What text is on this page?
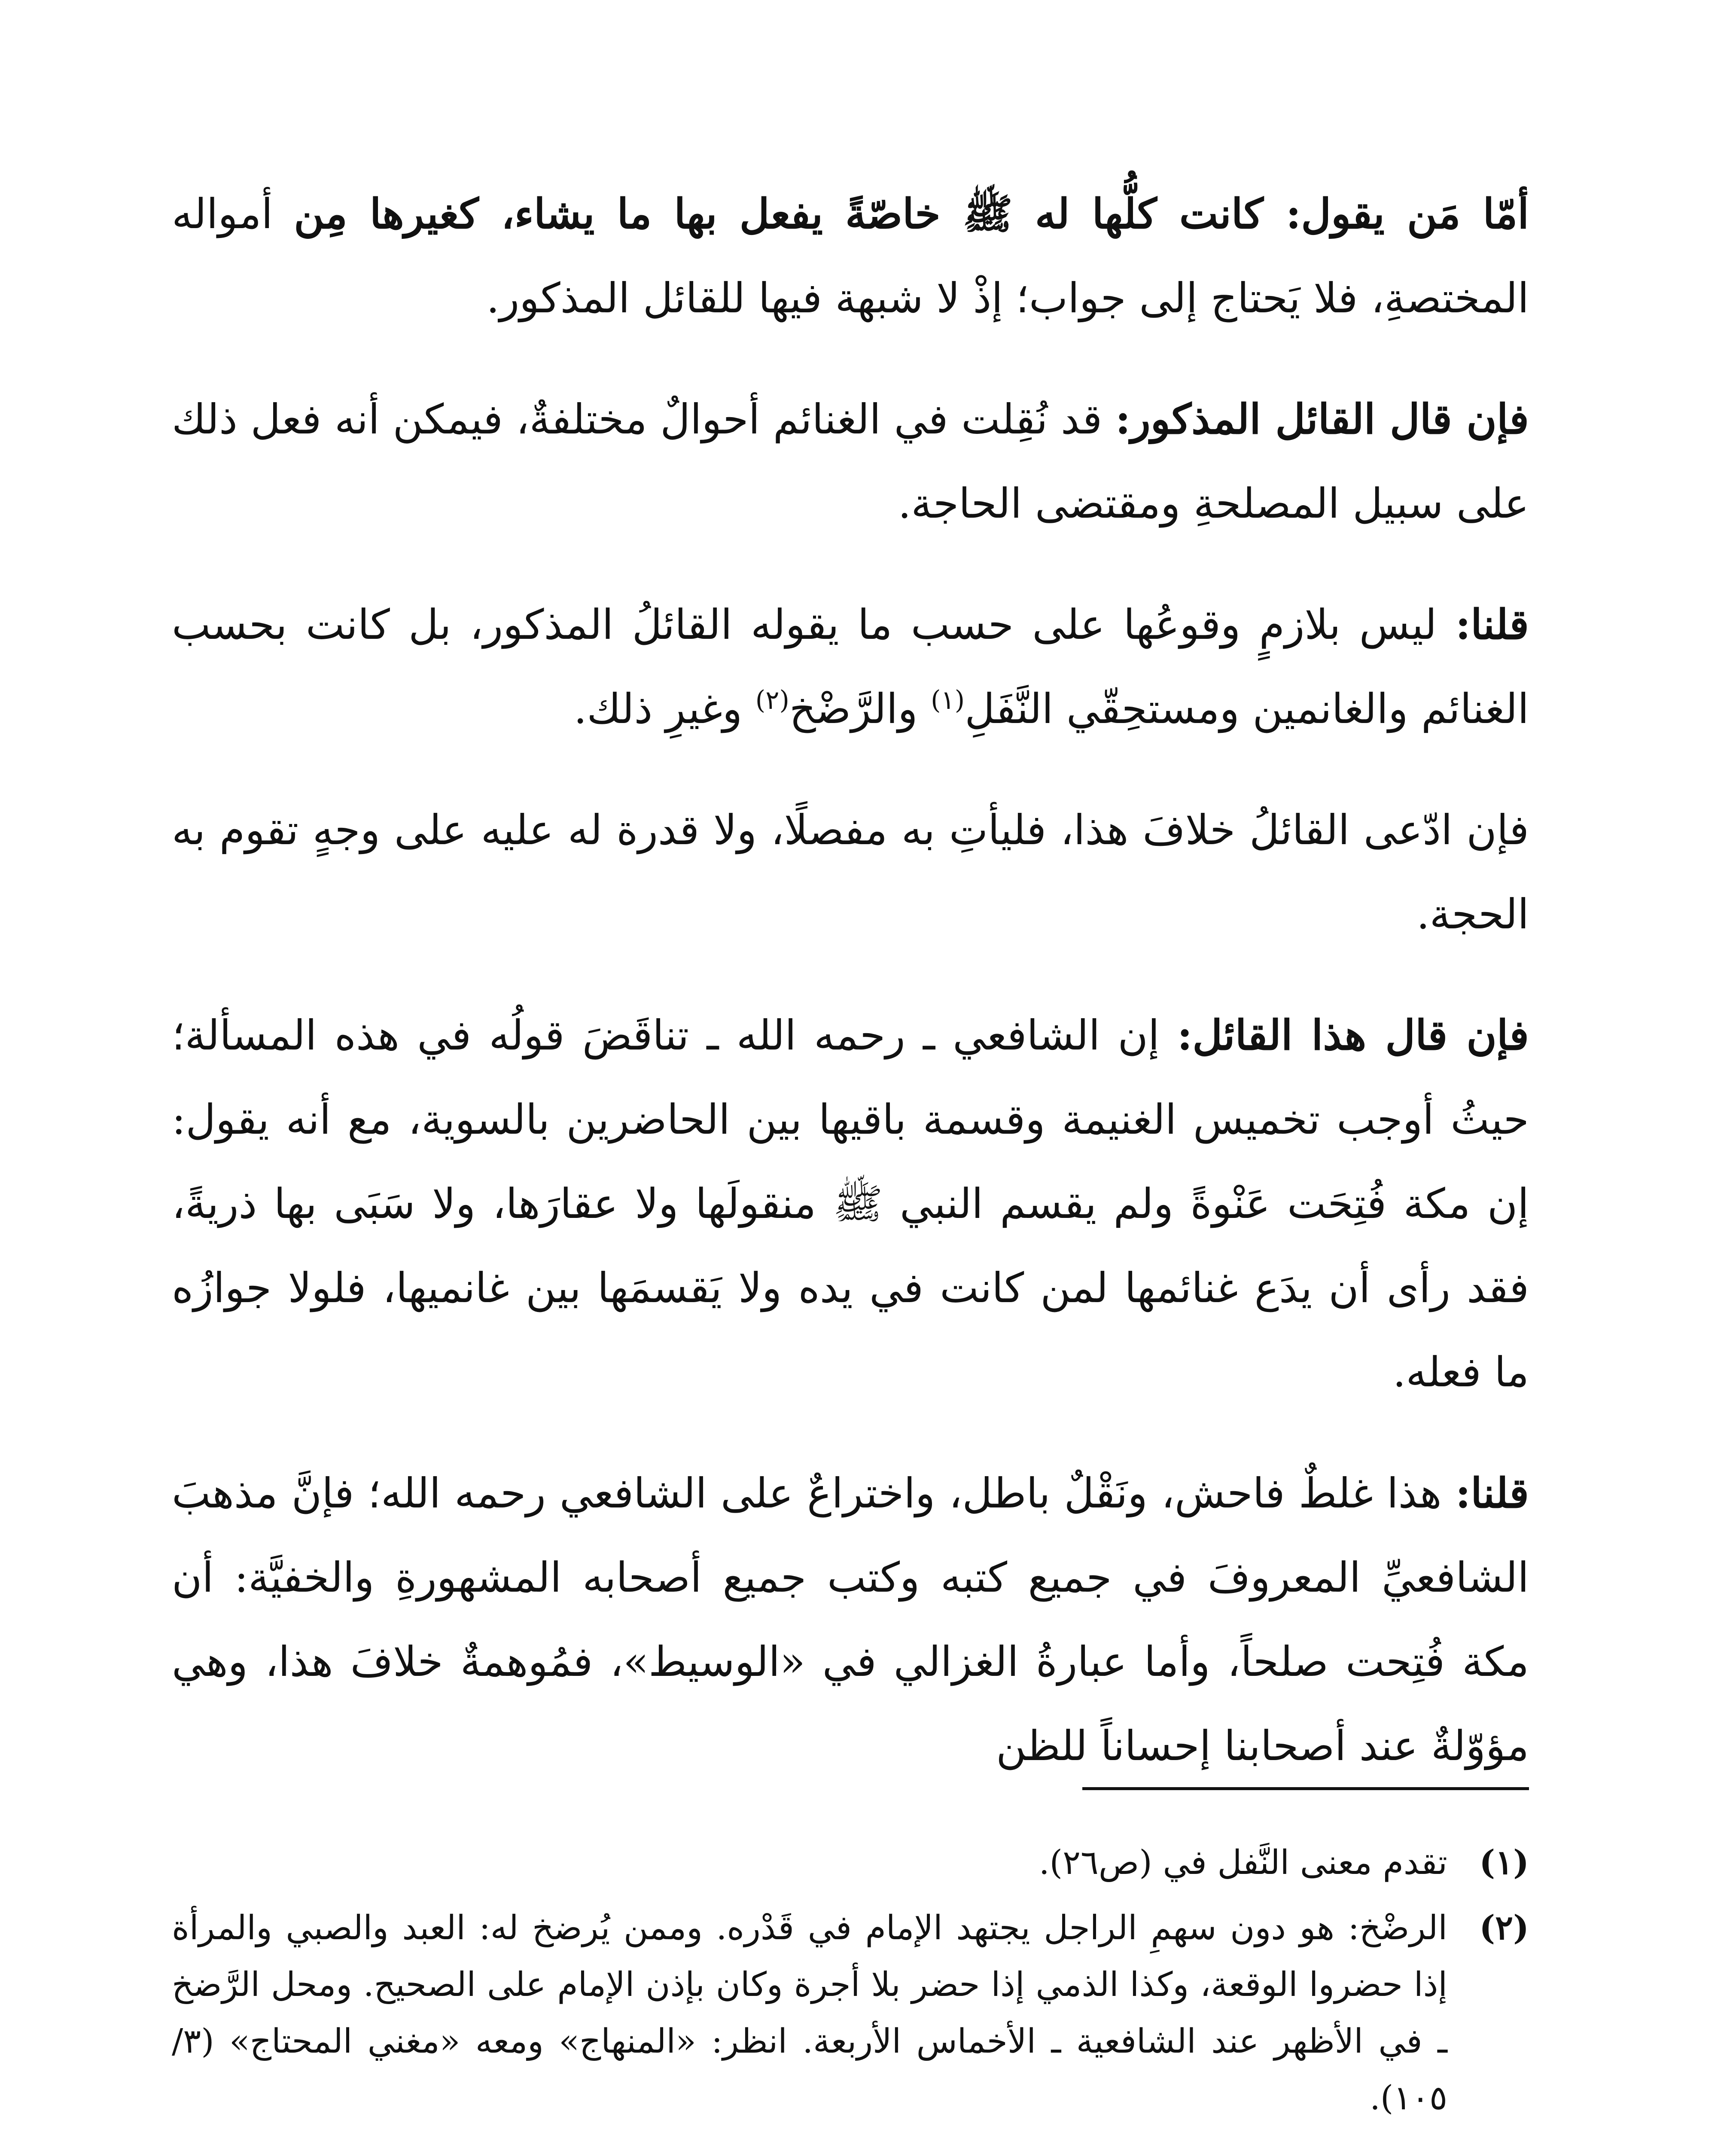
أمّا مَن يقول: كانت كلُّها له ﷺ خاصّةً يفعل بها ما يشاء، كغيرها مِن أمواله المختصةِ، فلا يَحتاج إلى جواب؛ إذْ لا شبهة فيها للقائل المذكور.

فإن قال القائل المذكور: قد نُقِلت في الغنائم أحوالٌ مختلفةٌ، فيمكن أنه فعل ذلك على سبيل المصلحةِ ومقتضى الحاجة.

قلنا: ليس بلازمٍ وقوعُها على حسب ما يقوله القائلُ المذكور، بل كانت بحسب الغنائم والغانمين ومستحِقّي النَّفَلِ$^{(١)}$ والرَّضْخ$^{(٢)}$ وغيرِ ذلك.

فإن ادّعى القائلُ خلافَ هذا، فليأتِ به مفصلًا، ولا قدرة له عليه على وجهٍ تقوم به الحجة.

فإن قال هذا القائل: إن الشافعي ـ رحمه الله ـ تناقَضَ قولُه في هذه المسألة؛ حيثُ أوجب تخميس الغنيمة وقسمة باقيها بين الحاضرين بالسوية، مع أنه يقول: إن مكة فُتِحَت عَنْوةً ولم يقسم النبي ﷺ منقولَها ولا عقارَها، ولا سَبَى بها ذريةً، فقد رأى أن يدَع غنائمها لمن كانت في يده ولا يَقسمَها بين غانميها، فلولا جوازُه ما فعله.

قلنا: هذا غلطٌ فاحش، ونَقْلٌ باطل، واختراعٌ على الشافعي رحمه الله؛ فإنَّ مذهبَ الشافعيِّ المعروفَ في جميع كتبه وكتب جميع أصحابه المشهورةِ والخفيَّة: أن مكة فُتِحت صلحاً، وأما عبارةُ الغزالي في «الوسيط»، فمُوهمةٌ خلافَ هذا، وهي مؤوّلةٌ عند أصحابنا إحساناً للظن

(١)
تقدم معنى النَّفل في (ص٢٦).
(٢)
الرضْخ: هو دون سهمِ الراجل يجتهد الإمام في قَدْره. وممن يُرضخ له: العبد والصبي والمرأة إذا حضروا الوقعة، وكذا الذمي إذا حضر بلا أجرة وكان بإذن الإمام على الصحيح. ومحل الرَّضخ ـ في الأظهر عند الشافعية ـ الأخماس الأربعة. انظر: «المنهاج» ومعه «مغني المحتاج» (٣/ ١٠٥).
